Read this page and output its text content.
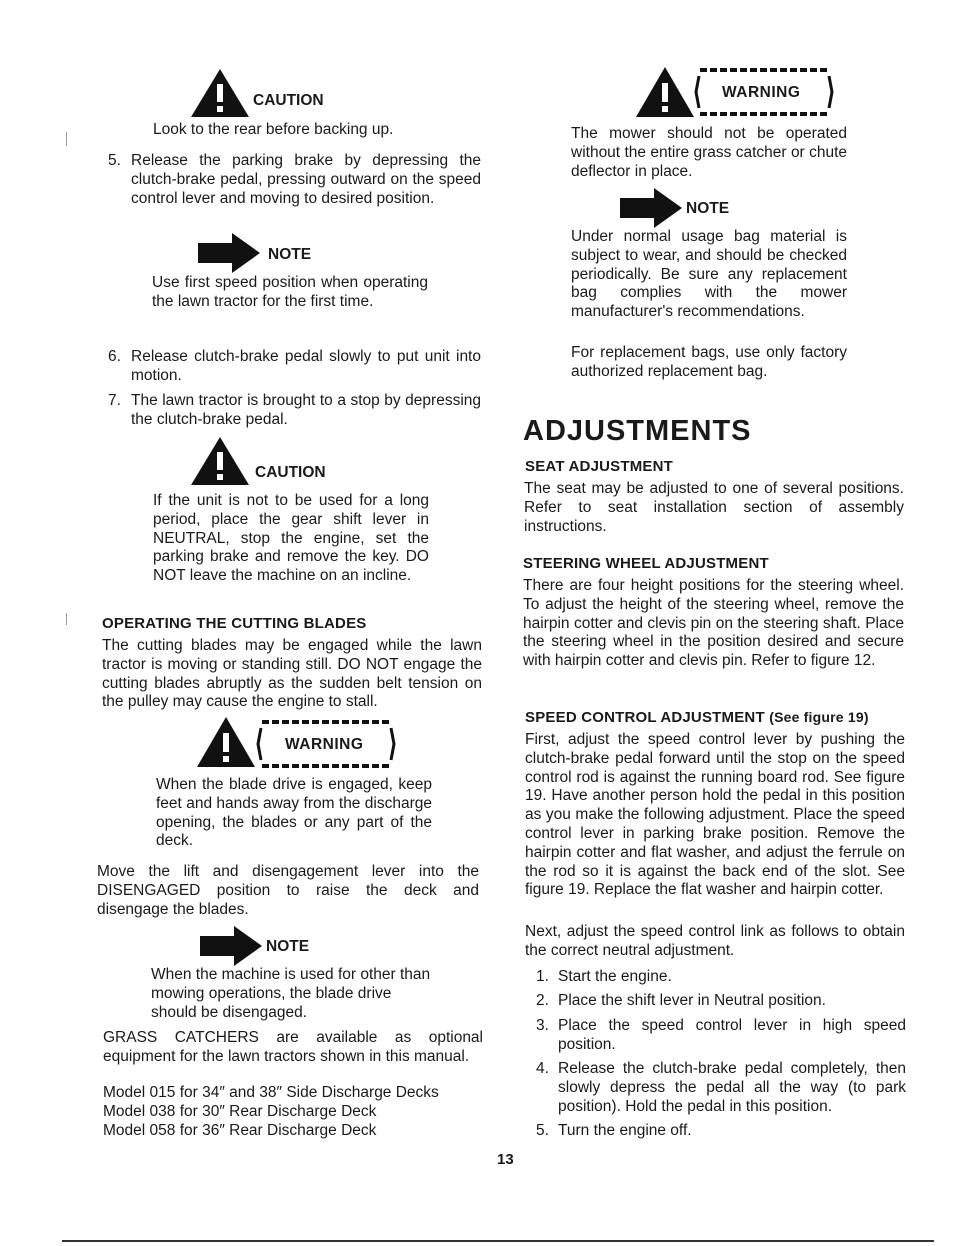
CAUTION

Look to the rear before backing up.

5. Release the parking brake by depressing the clutch-brake pedal, pressing outward on the speed control lever and moving to desired position.

NOTE

Use first speed position when operating the lawn tractor for the first time.

6. Release clutch-brake pedal slowly to put unit into motion.

7. The lawn tractor is brought to a stop by depressing the clutch-brake pedal.

CAUTION

If the unit is not to be used for a long period, place the gear shift lever in NEUTRAL, stop the engine, set the parking brake and remove the key. DO NOT leave the machine on an incline.

OPERATING THE CUTTING BLADES

The cutting blades may be engaged while the lawn tractor is moving or standing still. DO NOT engage the cutting blades abruptly as the sudden belt tension on the pulley may cause the engine to stall.

WARNING

When the blade drive is engaged, keep feet and hands away from the discharge opening, the blades or any part of the deck.

Move the lift and disengagement lever into the DISENGAGED position to raise the deck and disengage the blades.

NOTE

When the machine is used for other than mowing operations, the blade drive should be disengaged.

GRASS CATCHERS are available as optional equipment for the lawn tractors shown in this manual.

Model 015 for 34″ and 38″ Side Discharge Decks

Model 038 for 30″ Rear Discharge Deck

Model 058 for 36″ Rear Discharge Deck

13
WARNING

The mower should not be operated without the entire grass catcher or chute deflector in place.

NOTE

Under normal usage bag material is subject to wear, and should be checked periodically. Be sure any replacement bag complies with the mower manufacturer's recommendations.

For replacement bags, use only factory authorized replacement bag.

ADJUSTMENTS
SEAT ADJUSTMENT

The seat may be adjusted to one of several positions. Refer to seat installation section of assembly instructions.

STEERING WHEEL ADJUSTMENT

There are four height positions for the steering wheel. To adjust the height of the steering wheel, remove the hairpin cotter and clevis pin on the steering shaft. Place the steering wheel in the position desired and secure with hairpin cotter and clevis pin. Refer to figure 12.

SPEED CONTROL ADJUSTMENT (See figure 19)

First, adjust the speed control lever by pushing the clutch-brake pedal forward until the stop on the speed control rod is against the running board rod. See figure 19. Have another person hold the pedal in this position as you make the following adjustment. Place the speed control lever in parking brake position. Remove the hairpin cotter and flat washer, and adjust the ferrule on the rod so it is against the back end of the slot. See figure 19. Replace the flat washer and hairpin cotter.

Next, adjust the speed control link as follows to obtain the correct neutral adjustment.

1. Start the engine.

2. Place the shift lever in Neutral position.

3. Place the speed control lever in high speed position.

4. Release the clutch-brake pedal completely, then slowly depress the pedal all the way (to park position). Hold the pedal in this position.

5. Turn the engine off.
